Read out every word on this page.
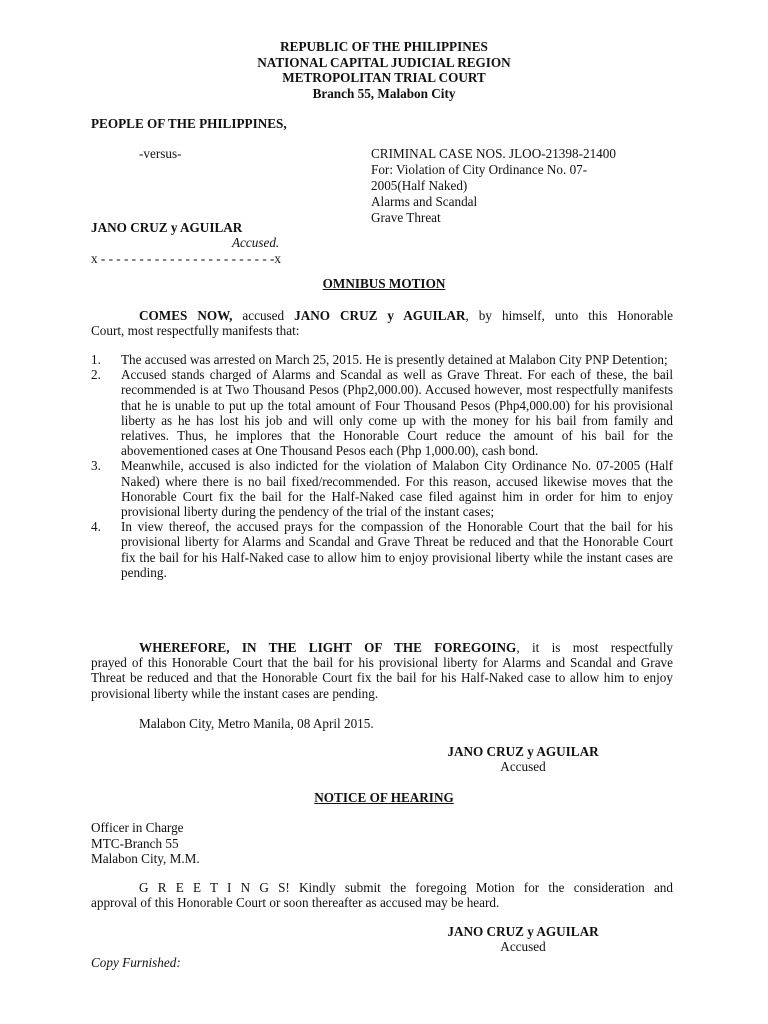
REPUBLIC OF THE PHILIPPINES
NATIONAL CAPITAL JUDICIAL REGION
METROPOLITAN TRIAL COURT
Branch 55, Malabon City
PEOPLE OF THE PHILIPPINES,
-versus-	CRIMINAL CASE NOS. JLOO-21398-21400
For: Violation of City Ordinance No. 07-
2005(Half Naked)
Alarms and Scandal
Grave Threat
JANO CRUZ y AGUILAR
Accused.
x - - - - - - - - - - - - - - - - - - - - - - -x
OMNIBUS MOTION
COMES NOW, accused JANO CRUZ y AGUILAR, by himself, unto this Honorable
Court, most respectfully manifests that:
1. The accused was arrested on March 25, 2015. He is presently detained at Malabon City PNP Detention;
2. Accused stands charged of Alarms and Scandal as well as Grave Threat. For each of these, the bail recommended is at Two Thousand Pesos (Php2,000.00). Accused however, most respectfully manifests that he is unable to put up the total amount of Four Thousand Pesos (Php4,000.00) for his provisional liberty as he has lost his job and will only come up with the money for his bail from family and relatives. Thus, he implores that the Honorable Court reduce the amount of his bail for the abovementioned cases at One Thousand Pesos each (Php 1,000.00), cash bond.
3. Meanwhile, accused is also indicted for the violation of Malabon City Ordinance No. 07-2005 (Half Naked) where there is no bail fixed/recommended. For this reason, accused likewise moves that the Honorable Court fix the bail for the Half-Naked case filed against him in order for him to enjoy provisional liberty during the pendency of the trial of the instant cases;
4. In view thereof, the accused prays for the compassion of the Honorable Court that the bail for his provisional liberty for Alarms and Scandal and Grave Threat be reduced and that the Honorable Court fix the bail for his Half-Naked case to allow him to enjoy provisional liberty while the instant cases are pending.
WHEREFORE, IN THE LIGHT OF THE FOREGOING, it is most respectfully
prayed of this Honorable Court that the bail for his provisional liberty for Alarms and Scandal and Grave Threat be reduced and that the Honorable Court fix the bail for his Half-Naked case to allow him to enjoy provisional liberty while the instant cases are pending.
Malabon City, Metro Manila, 08 April 2015.
JANO CRUZ y AGUILAR
Accused
NOTICE OF HEARING
Officer in Charge
MTC-Branch 55
Malabon City, M.M.
G R E E T I N G S! Kindly submit the foregoing Motion for the consideration and
approval of this Honorable Court or soon thereafter as accused may be heard.
JANO CRUZ y AGUILAR
Accused
Copy Furnished:
